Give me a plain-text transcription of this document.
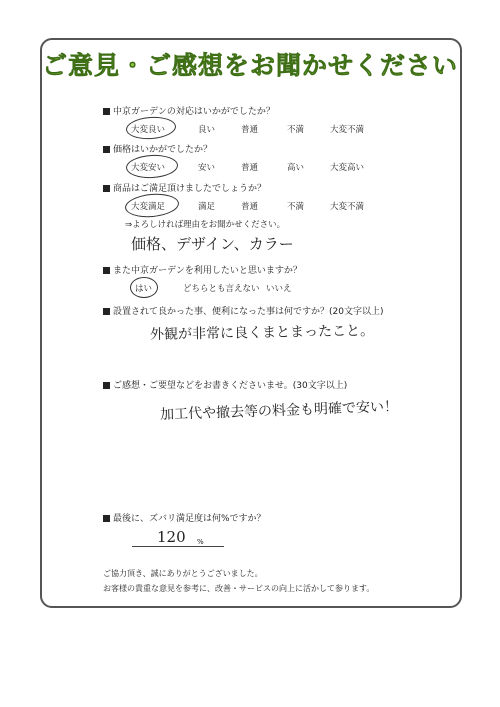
ご意見・ご感想をお聞かせください
中京ガーデンの対応はいかがでしたか？
大変良い	良い	普通	不満	大変不満
価格はいかがでしたか？
大変安い	安い	普通	高い	大変高い
商品はご満足頂けましたでしょうか？
大変満足	満足	普通	不満	大変不満
⇒よろしければ理由をお聞かせください。
価格、デザイン、カラー
また中京ガーデンを利用したいと思いますか？
はい	どちらとも言えない いいえ
設置されて良かった事、便利になった事は何ですか？(20文字以上)
外観が非常に良くまとまったこと。
ご感想・ご要望などをお書きくださいませ。(30文字以上)
加工代や撤去等の料金も明確で安い！
最後に、ズバリ満足度は何%ですか？
120 %
ご協力頂き、誠にありがとうございました。
お客様の貴重な意見を参考に、改善・サービスの向上に活かして参ります。
